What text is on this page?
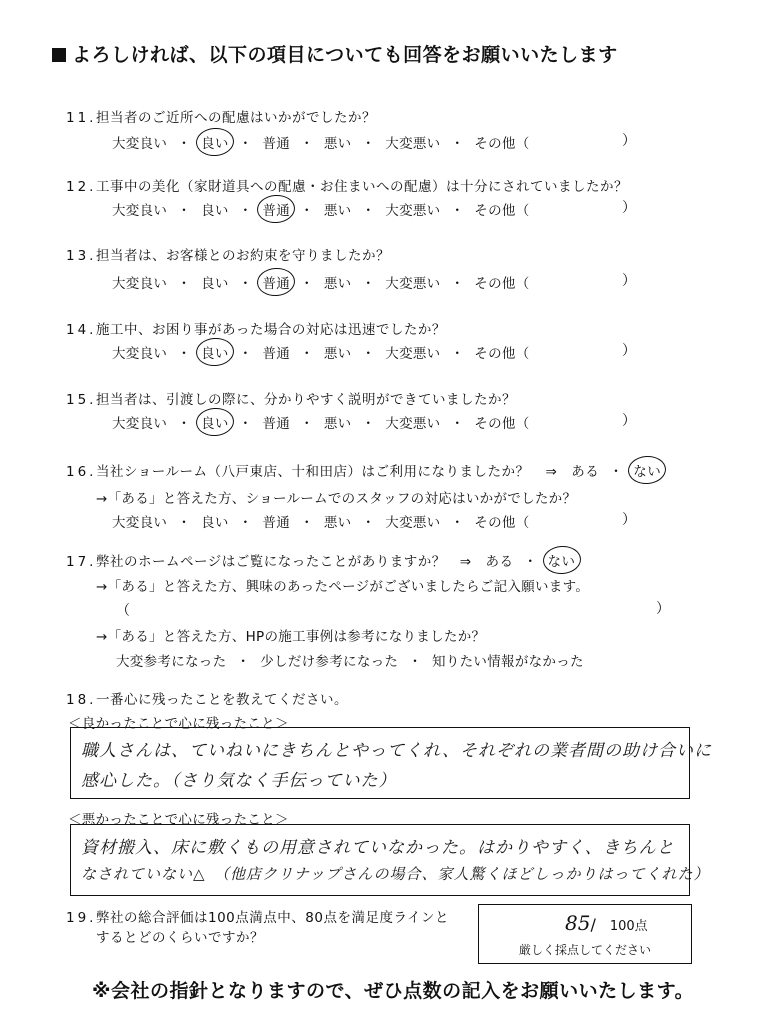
よろしければ、以下の項目についても回答をお願いいたします
11.担当者のご近所への配慮はいかがでしたか？
大変良い ・ 良い ・ 普通 ・ 悪い ・ 大変悪い ・ その他（	）
12.工事中の美化（家財道具への配慮・お住まいへの配慮）は十分にされていましたか？
大変良い ・ 良い ・ 普通 ・ 悪い ・ 大変悪い ・ その他（	）
13.担当者は、お客様とのお約束を守りましたか？
大変良い ・ 良い ・ 普通 ・ 悪い ・ 大変悪い ・ その他（	）
14.施工中、お困り事があった場合の対応は迅速でしたか？
大変良い ・ 良い ・ 普通 ・ 悪い ・ 大変悪い ・ その他（	）
15.担当者は、引渡しの際に、分かりやすく説明ができていましたか？
大変良い ・ 良い ・ 普通 ・ 悪い ・ 大変悪い ・ その他（	）
16.当社ショールーム（八戸東店、十和田店）はご利用になりましたか？ ⇒ ある ・ ない
→「ある」と答えた方、ショールームでのスタッフの対応はいかがでしたか？
大変良い ・ 良い ・ 普通 ・ 悪い ・ 大変悪い ・ その他（	）
17.弊社のホームページはご覧になったことがありますか？ ⇒ ある ・ ない
→「ある」と答えた方、興味のあったページがございましたらご記入願います。
（	）
→「ある」と答えた方、HPの施工事例は参考になりましたか？
大変参考になった ・ 少しだけ参考になった ・ 知りたい情報がなかった
18.一番心に残ったことを教えてください。
＜良かったことで心に残ったこと＞
職人さんは、ていねいにきちんとやってくれ、それぞれの業者間の助け合いに
感心した。（さり気なく手伝っていた）
＜悪かったことで心に残ったこと＞
資材搬入、床に敷くもの用意されていなかった。はかりやすく、きちんと
なされていない△　（他店クリナップさんの場合、家人驚くほどしっかりはってくれた）
19.弊社の総合評価は100点満点中、80点を満足度ラインと
するとどのくらいですか？
85/ 100点
厳しく採点してください
※会社の指針となりますので、ぜひ点数の記入をお願いいたします。
